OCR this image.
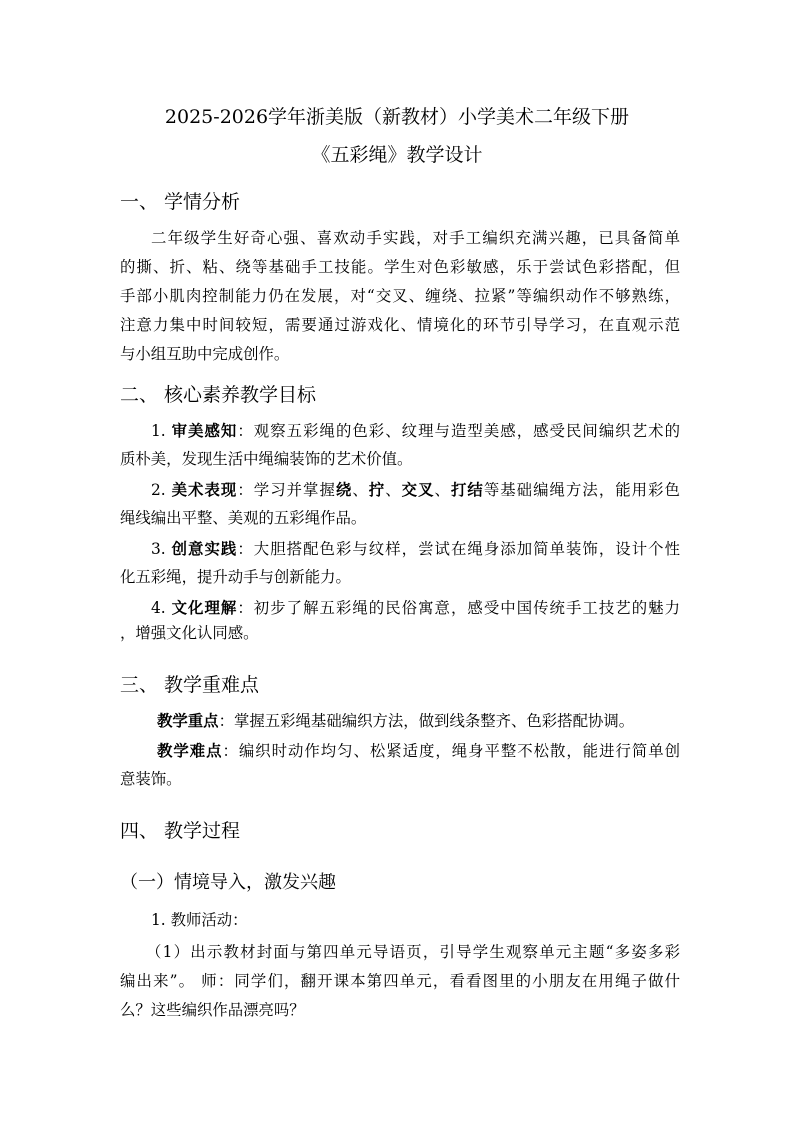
2025-2026学年浙美版（新教材）小学美术二年级下册
《五彩绳》教学设计
一、 学情分析
二年级学生好奇心强、喜欢动手实践，对手工编织充满兴趣，已具备简单
的撕、折、粘、绕等基础手工技能。学生对色彩敏感，乐于尝试色彩搭配，但
手部小肌肉控制能力仍在发展，对“交叉、缠绕、拉紧”等编织动作不够熟练，
注意力集中时间较短，需要通过游戏化、情境化的环节引导学习，在直观示范
与小组互助中完成创作。
二、 核心素养教学目标
1. 审美感知：观察五彩绳的色彩、纹理与造型美感，感受民间编织艺术的
质朴美，发现生活中绳编装饰的艺术价值。
2. 美术表现：学习并掌握绕、拧、交叉、打结等基础编绳方法，能用彩色
绳线编出平整、美观的五彩绳作品。
3. 创意实践：大胆搭配色彩与纹样，尝试在绳身添加简单装饰，设计个性
化五彩绳，提升动手与创新能力。
4. 文化理解：初步了解五彩绳的民俗寓意，感受中国传统手工技艺的魅力
，增强文化认同感。
三、 教学重难点
教学重点：掌握五彩绳基础编织方法，做到线条整齐、色彩搭配协调。
教学难点：编织时动作均匀、松紧适度，绳身平整不松散，能进行简单创
意装饰。
四、 教学过程
（一）情境导入，激发兴趣
1. 教师活动：
（1）出示教材封面与第四单元导语页，引导学生观察单元主题“多姿多彩
编出来”。 师：同学们，翻开课本第四单元，看看图里的小朋友在用绳子做什
么？这些编织作品漂亮吗？
